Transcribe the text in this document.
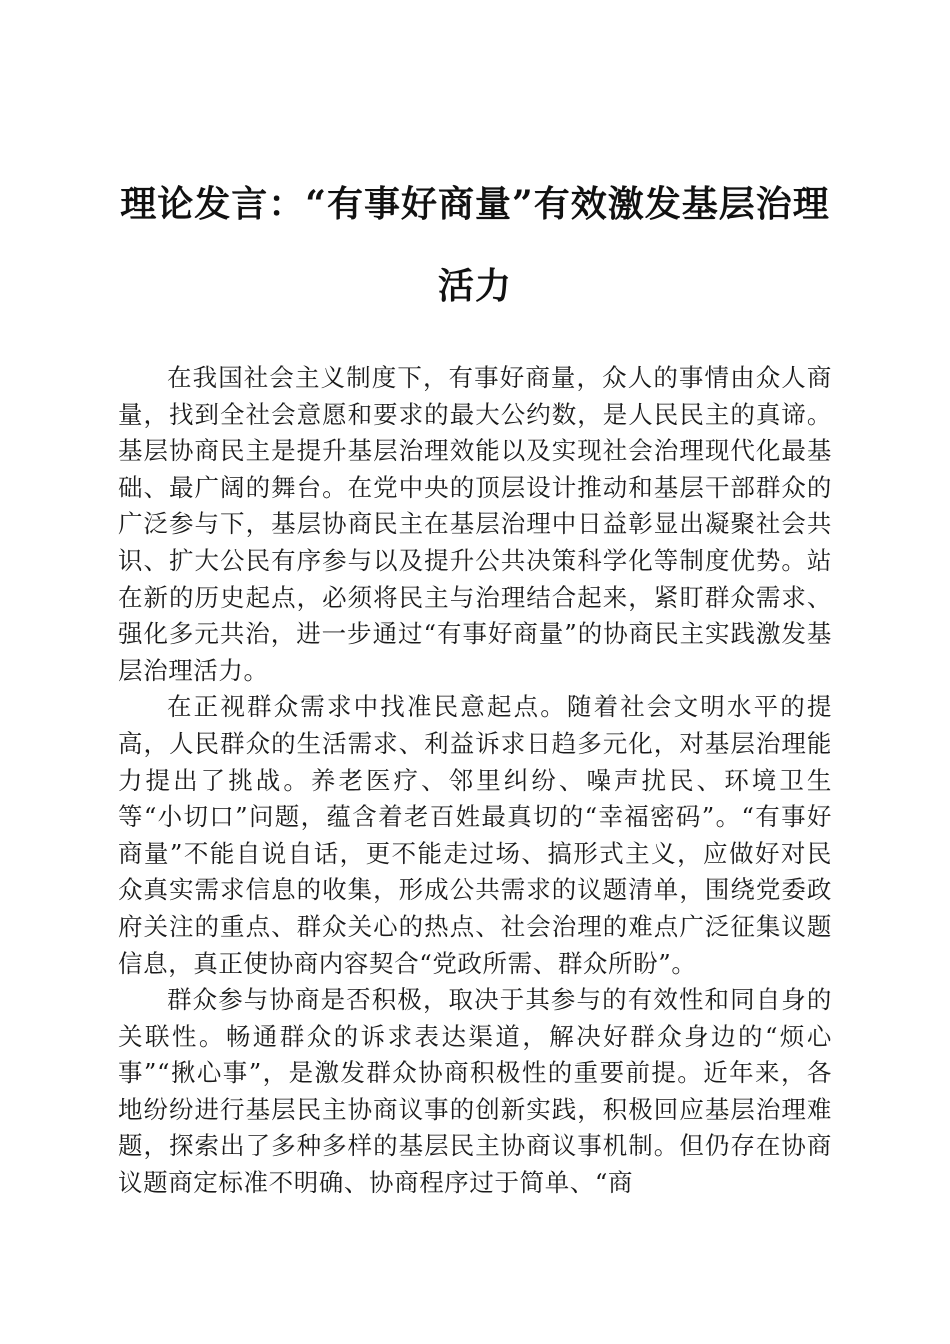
理论发言：“有事好商量”有效激发基层治理活力

在我国社会主义制度下，有事好商量，众人的事情由众人商量，找到全社会意愿和要求的最大公约数，是人民民主的真谛。基层协商民主是提升基层治理效能以及实现社会治理现代化最基础、最广阔的舞台。在党中央的顶层设计推动和基层干部群众的广泛参与下，基层协商民主在基层治理中日益彰显出凝聚社会共识、扩大公民有序参与以及提升公共决策科学化等制度优势。站在新的历史起点，必须将民主与治理结合起来，紧盯群众需求、强化多元共治，进一步通过“有事好商量”的协商民主实践激发基层治理活力。

在正视群众需求中找准民意起点。随着社会文明水平的提高，人民群众的生活需求、利益诉求日趋多元化，对基层治理能力提出了挑战。养老医疗、邻里纠纷、噪声扰民、环境卫生等“小切口”问题，蕴含着老百姓最真切的“幸福密码”。“有事好商量”不能自说自话，更不能走过场、搞形式主义，应做好对民众真实需求信息的收集，形成公共需求的议题清单，围绕党委政府关注的重点、群众关心的热点、社会治理的难点广泛征集议题信息，真正使协商内容契合“党政所需、群众所盼”。

群众参与协商是否积极，取决于其参与的有效性和同自身的关联性。畅通群众的诉求表达渠道，解决好群众身边的“烦心事”“揪心事”，是激发群众协商积极性的重要前提。近年来，各地纷纷进行基层民主协商议事的创新实践，积极回应基层治理难题，探索出了多种多样的基层民主协商议事机制。但仍存在协商议题商定标准不明确、协商程序过于简单、“商
